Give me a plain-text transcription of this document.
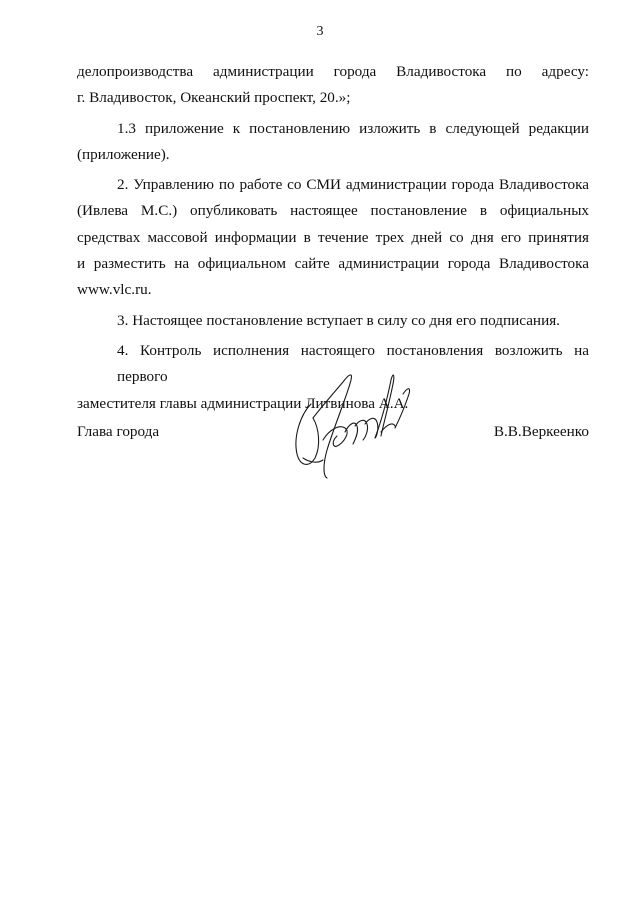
3
делопроизводства администрации города Владивостока по адресу:
г. Владивосток, Океанский проспект, 20.»;
1.3 приложение к постановлению изложить в следующей редакции
(приложение).
2. Управлению по работе со СМИ администрации города Владивостока
(Ивлева М.С.) опубликовать настоящее постановление в официальных
средствах массовой информации в течение трех дней со дня его принятия
и разместить на официальном сайте администрации города Владивостока
www.vlc.ru.
3. Настоящее постановление вступает в силу со дня его подписания.
4. Контроль исполнения настоящего постановления возложить на первого
заместителя главы администрации Литвинова А.А.
Глава города	В.В.Веркеенко
